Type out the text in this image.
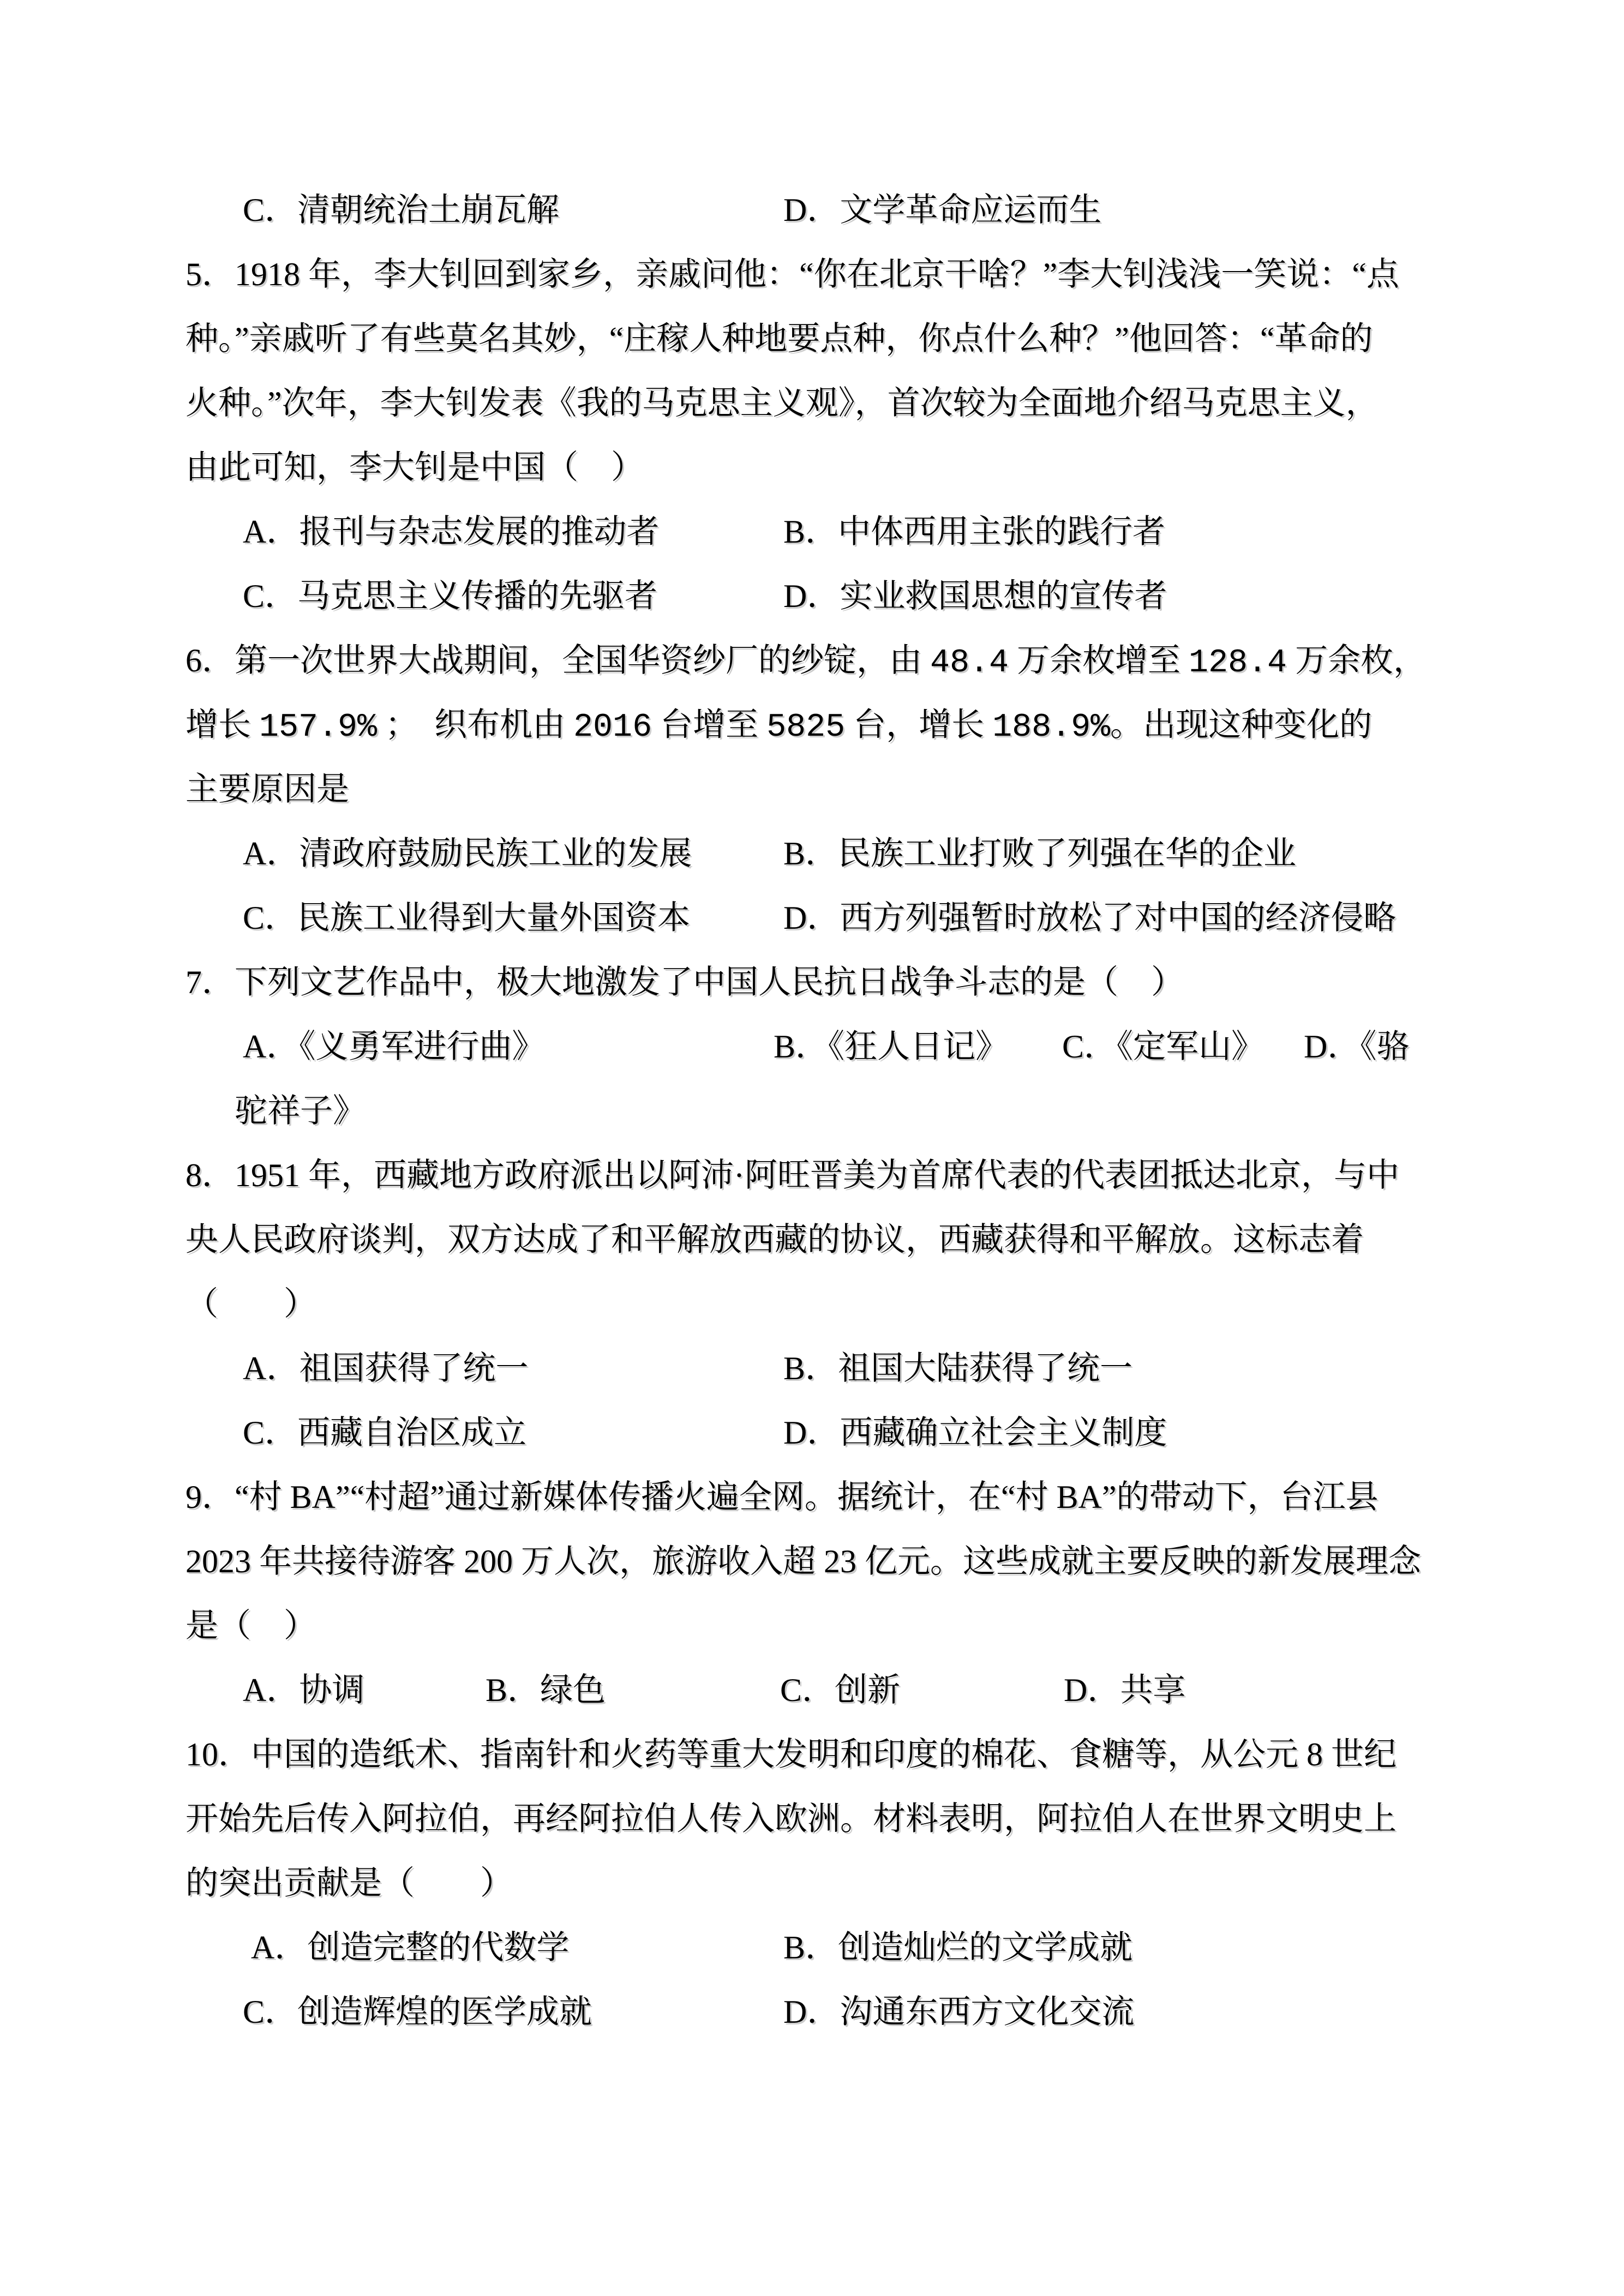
C．清朝统治土崩瓦解	D．文学革命应运而生
5．1918 年，李大钊回到家乡，亲戚问他：“你在北京干啥？”李大钊浅浅一笑说：“点
种。”亲戚听了有些莫名其妙，“庄稼人种地要点种，你点什么种？”他回答：“革命的
火种。”次年，李大钊发表《我的马克思主义观》，首次较为全面地介绍马克思主义，
由此可知，李大钊是中国（　）
A．报刊与杂志发展的推动者	B．中体西用主张的践行者
C．马克思主义传播的先驱者	D．实业救国思想的宣传者
6．第一次世界大战期间，全国华资纱厂的纱锭，由 48.4 万余枚增至 128.4 万余枚，
增长 157.9% ；  织布机由 2016 台增至 5825 台，增长 188.9%。出现这种变化的
主要原因是
A．清政府鼓励民族工业的发展	B．民族工业打败了列强在华的企业
C．民族工业得到大量外国资本	D．西方列强暂时放松了对中国的经济侵略
7．下列文艺作品中，极大地激发了中国人民抗日战争斗志的是（　）
A．《义勇军进行曲》	B．《狂人日记》 C．《定军山》 D．《骆
驼祥子》
8．1951 年，西藏地方政府派出以阿沛·阿旺晋美为首席代表的代表团抵达北京，与中
央人民政府谈判，双方达成了和平解放西藏的协议，西藏获得和平解放。这标志着
（　　）
A．祖国获得了统一	B．祖国大陆获得了统一
C．西藏自治区成立	D．西藏确立社会主义制度
9．“村 BA”“村超”通过新媒体传播火遍全网。据统计，在“村 BA”的带动下，台江县
2023 年共接待游客 200 万人次，旅游收入超 23 亿元。这些成就主要反映的新发展理念
是（　）
A．协调	B．绿色	C．创新	D．共享
10．中国的造纸术、指南针和火药等重大发明和印度的棉花、食糖等，从公元 8 世纪
开始先后传入阿拉伯，再经阿拉伯人传入欧洲。材料表明，阿拉伯人在世界文明史上
的突出贡献是（　　）
A．创造完整的代数学	B．创造灿烂的文学成就
C．创造辉煌的医学成就	D．沟通东西方文化交流
